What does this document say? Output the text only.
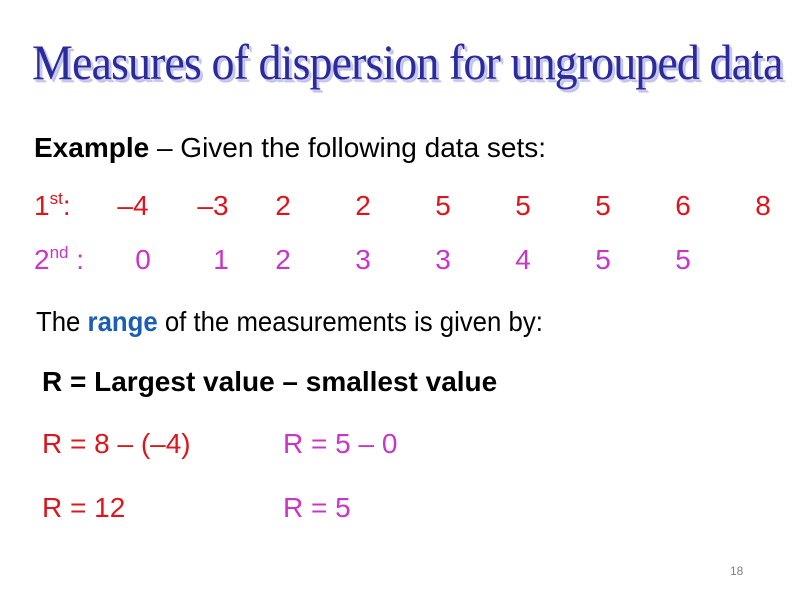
Measures of dispersion for ungrouped data
Example – Given the following data sets:
1st: –4 –3	2	2	5	5	5	6	8
2nd :	0	1	2	3	3	4	5	5
The range of the measurements is given by:
R = Largest value – smallest value
R = 8 – (–4)	R = 5 – 0
R = 12	R = 5
18
